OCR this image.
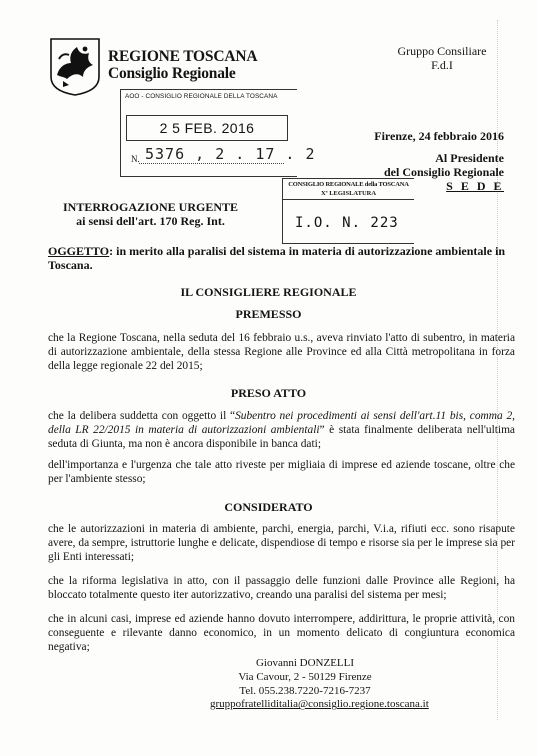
REGIONE TOSCANA
Consiglio Regionale
Gruppo Consiliare
F.d.I
AOO - CONSIGLIO REGIONALE DELLA TOSCANA
2 5 FEB. 2016
N. 5376 , 2 . 17 . 2
Firenze, 24 febbraio 2016
Al Presidente
del Consiglio Regionale
S E D E
CONSIGLIO REGIONALE della TOSCANA
Xª LEGISLATURA
I.O. N. 223
INTERROGAZIONE URGENTE
ai sensi dell'art. 170 Reg. Int.
OGGETTO: in merito alla paralisi del sistema in materia di autorizzazione ambientale in Toscana.
IL CONSIGLIERE REGIONALE
PREMESSO
che la Regione Toscana, nella seduta del 16 febbraio u.s., aveva rinviato l'atto di subentro, in materia di autorizzazione ambientale, della stessa Regione alle Province ed alla Città metropolitana in forza della legge regionale 22 del 2015;
PRESO ATTO
che la delibera suddetta con oggetto il “Subentro nei procedimenti ai sensi dell'art.11 bis, comma 2, della LR 22/2015 in materia di autorizzazioni ambientali” è stata finalmente deliberata nell'ultima seduta di Giunta, ma non è ancora disponibile in banca dati;
dell'importanza e l'urgenza che tale atto riveste per migliaia di imprese ed aziende toscane, oltre che per l'ambiente stesso;
CONSIDERATO
che le autorizzazioni in materia di ambiente, parchi, energia, parchi, V.i.a, rifiuti ecc. sono risapute avere, da sempre, istruttorie lunghe e delicate, dispendiose di tempo e risorse sia per le imprese sia per gli Enti interessati;
che la riforma legislativa in atto, con il passaggio delle funzioni dalle Province alle Regioni, ha bloccato totalmente questo iter autorizzativo, creando una paralisi del sistema per mesi;
che in alcuni casi, imprese ed aziende hanno dovuto interrompere, addirittura, le proprie attività, con conseguente e rilevante danno economico, in un momento delicato di congiuntura economica negativa;
Giovanni DONZELLI
Via Cavour, 2 - 50129 Firenze
Tel. 055.238.7220-7216-7237
gruppofratelliditalia@consiglio.regione.toscana.it
